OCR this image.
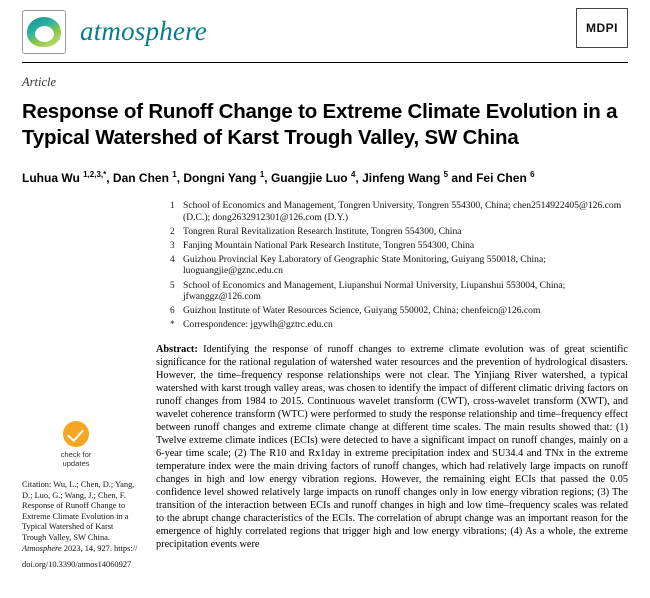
atmosphere	MDPI
Article
Response of Runoff Change to Extreme Climate Evolution in a Typical Watershed of Karst Trough Valley, SW China
Luhua Wu $^{1,2,3,*}$, Dan Chen $^1$, Dongni Yang $^1$, Guangjie Luo $^4$, Jinfeng Wang $^5$ and Fei Chen $^6$
1 School of Economics and Management, Tongren University, Tongren 554300, China; chen2514922405@126.com (D.C.); dong2632912301@126.com (D.Y.)
2 Tongren Rural Revitalization Research Institute, Tongren 554300, China
3 Fanjing Mountain National Park Research Institute, Tongren 554300, China
4 Guizhou Provincial Key Laboratory of Geographic State Monitoring, Guiyang 550018, China; luoguangjie@gznc.edu.cn
5 School of Economics and Management, Liupanshui Normal University, Liupanshui 553004, China; jfwanggz@126.com
6 Guizhou Institute of Water Resources Science, Guiyang 550002, China; chenfeicn@126.com
* Correspondence: jgywlh@gztrc.edu.cn
check for
updates

Citation: Wu, L.; Chen, D.; Yang, D.; Luo, G.; Wang, J.; Chen, F. Response of Runoff Change to Extreme Climate Evolution in a Typical Watershed of Karst Trough Valley, SW China. Atmosphere 2023, 14, 927. https://

doi.org/10.3390/atmos14060927

Abstract: Identifying the response of runoff changes to extreme climate evolution was of great scientific significance for the rational regulation of watershed water resources and the prevention of hydrological disasters. However, the time–frequency response relationships were not clear. The Yinjiang River watershed, a typical watershed with karst trough valley areas, was chosen to identify the impact of different climatic driving factors on runoff changes from 1984 to 2015. Continuous wavelet transform (CWT), cross-wavelet transform (XWT), and wavelet coherence transform (WTC) were performed to study the response relationship and time–frequency effect between runoff changes and extreme climate change at different time scales. The main results showed that: (1) Twelve extreme climate indices (ECIs) were detected to have a significant impact on runoff changes, mainly on a 6-year time scale; (2) The R10 and Rx1day in extreme precipitation index and SU34.4 and TNx in the extreme temperature index were the main driving factors of runoff changes, which had relatively large impacts on runoff changes in high and low energy vibration regions. However, the remaining eight ECIs that passed the 0.05 confidence level showed relatively large impacts on runoff changes only in low energy vibration regions; (3) The transition of the interaction between ECIs and runoff changes in high and low time–frequency scales was related to the abrupt change characteristics of the ECIs. The correlation of abrupt change was an important reason for the emergence of highly correlated regions that trigger high and low energy vibrations; (4) As a whole, the extreme precipitation events were
